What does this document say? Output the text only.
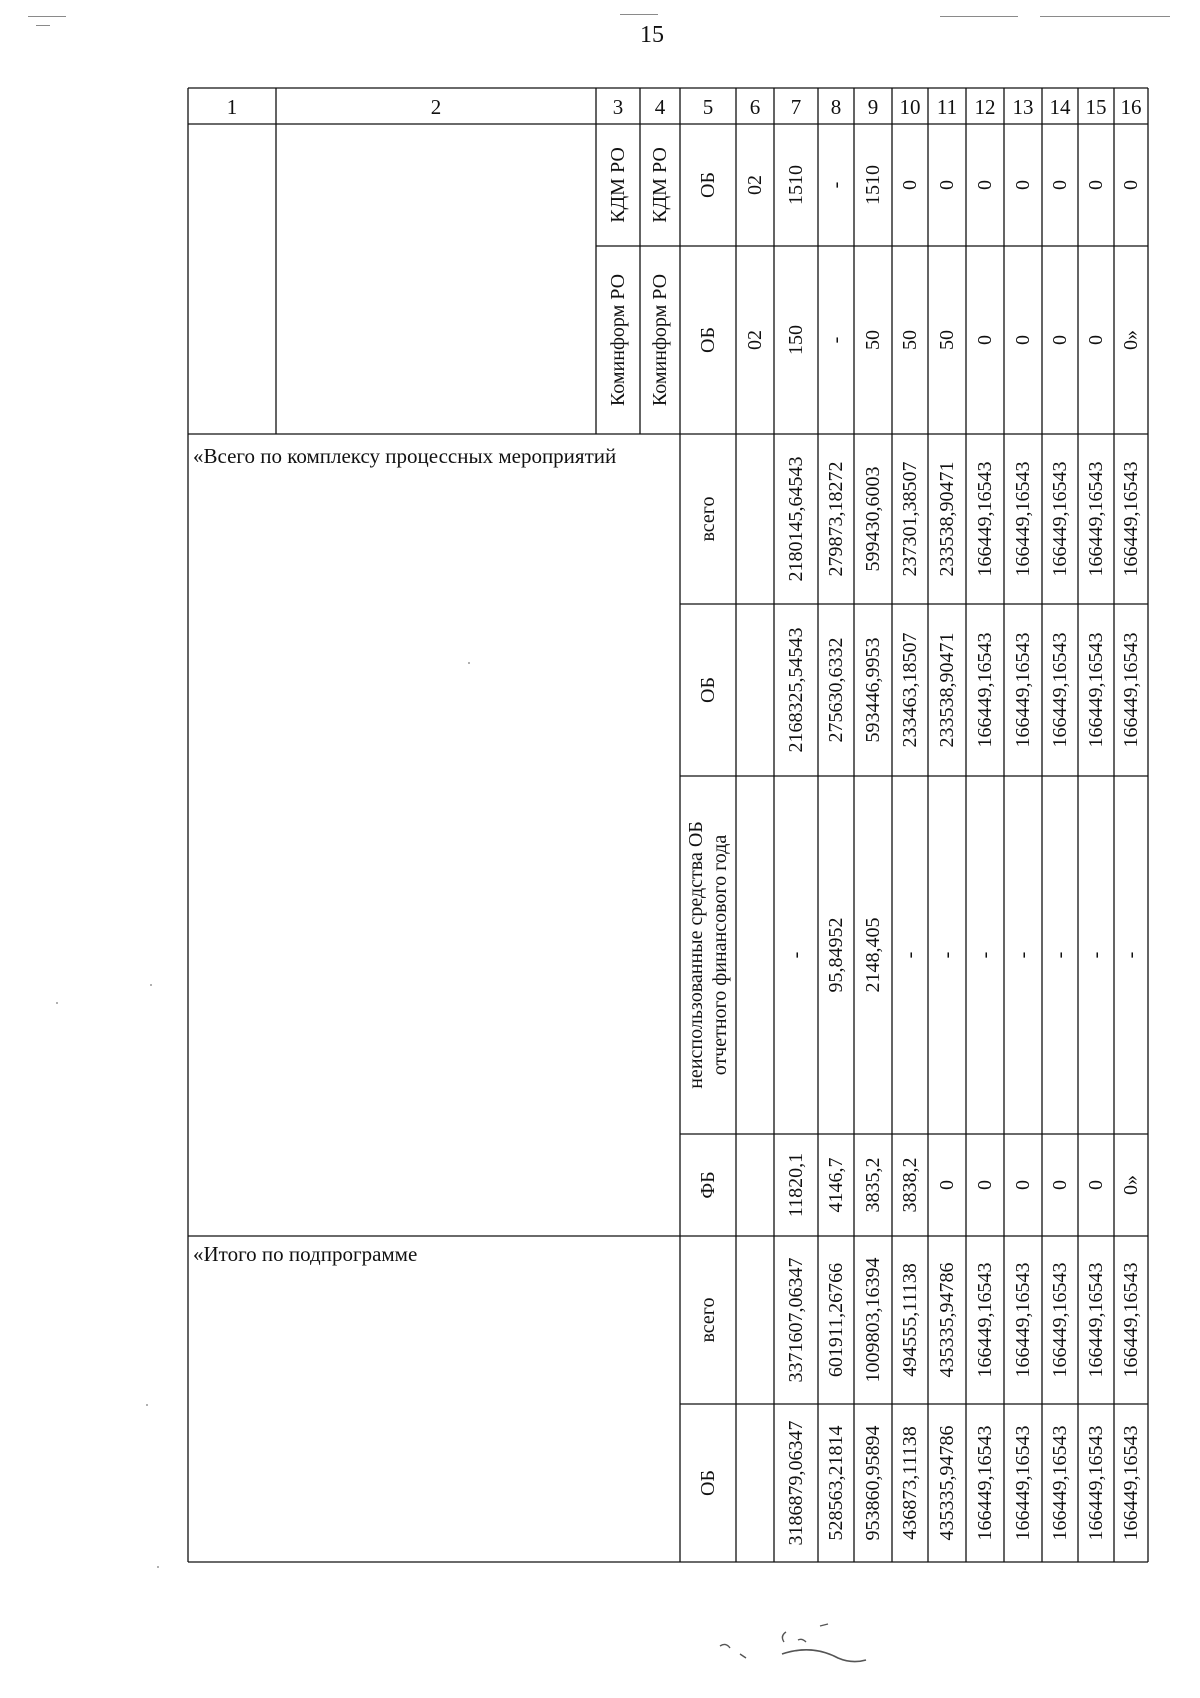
15
1	2	3 4 5 6 7 8 9 10 11 12 13 14 15 16
Коминформ РО Коминформ РО ОБ 02 150 - 50 50 50 0 0 0 0 0»
КДМ РО КДМ РО ОБ 02 1510 - 1510 0 0 0 0 0 0 0
«Всего по комплексу процессных мероприятий
всего	2180145,64543 279873,18272 599430,6003 237301,38507 233538,90471 166449,16543 166449,16543 166449,16543 166449,16543 166449,16543
ОБ	2168325,54543 275630,6332 593446,9953 233463,18507 233538,90471 166449,16543 166449,16543 166449,16543 166449,16543 166449,16543
неиспользованные средства ОБ отчетного финансового года	- 95,84952 2148,405 - - - - - - -
ФБ	11820,1 4146,7 3835,2 3838,2 0 0 0 0 0 0»
«Итого по подпрограмме
всего	3371607,06347 601911,26766 1009803,16394 494555,11138 435335,94786 166449,16543 166449,16543 166449,16543 166449,16543 166449,16543
ОБ	3186879,06347 528563,21814 953860,95894 436873,11138 435335,94786 166449,16543 166449,16543 166449,16543 166449,16543 166449,16543
